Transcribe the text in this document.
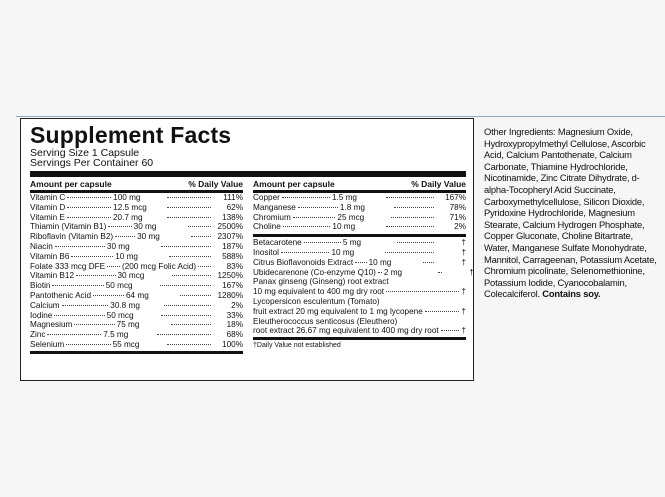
Supplement Facts
Serving Size 1 Capsule
Servings Per Container 60
Amount per capsule	% Daily Value
Vitamin C	100 mg	111%
Vitamin D	12.5 mcg	62%
Vitamin E	20.7 mg	138%
Thiamin (Vitamin B1)	30 mg	2500%
Riboflavin (Vitamin B2)	30 mg	2307%
Niacin	30 mg	187%
Vitamin B6	10 mg	588%
Folate 333 mcg DFE (200 mcg Folic Acid)	83%
Vitamin B12	30 mcg	1250%
Biotin	50 mcg	167%
Pantothenic Acid	64 mg	1280%
Calcium	30.8 mg	2%
Iodine	50 mcg	33%
Magnesium	75 mg	18%
Zinc	7.5 mg	68%
Selenium	55 mcg	100%
Amount per capsule	% Daily Value
Copper	1.5 mg	167%
Manganese	1.8 mg	78%
Chromium	25 mcg	71%
Choline	10 mg	2%
Betacarotene	5 mg	†
Inositol	10 mg	†
Citrus Bioflavonoids Extract 10 mg	†
Ubidecarenone (Co-enzyme Q10) 2 mg	†
Panax ginseng (Ginseng) root extract
10 mg equivalent to 400 mg dry root	†
Lycopersicon esculentum (Tomato)
fruit extract 20 mg equivalent to 1 mg lycopene	†
Eleutherococcus senticosus (Eleuthero)
root extract 26.67 mg equivalent to 400 mg dry root	†
†Daily Value not established
Other Ingredients: Magnesium Oxide, Hydroxypropylmethyl Cellulose, Ascorbic Acid, Calcium Pantothenate, Calcium Carbonate, Thiamine Hydrochloride, Nicotinamide, Zinc Citrate Dihydrate, d-alpha-Tocopheryl Acid Succinate, Carboxymethylcellulose, Silicon Dioxide, Pyridoxine Hydrochloride, Magnesium Stearate, Calcium Hydrogen Phosphate, Copper Gluconate, Choline Bitartrate, Water, Manganese Sulfate Monohydrate, Mannitol, Carrageenan, Potassium Acetate, Chromium picolinate, Selenomethionine, Potassium Iodide, Cyanocobalamin, Colecalciferol. Contains soy.
